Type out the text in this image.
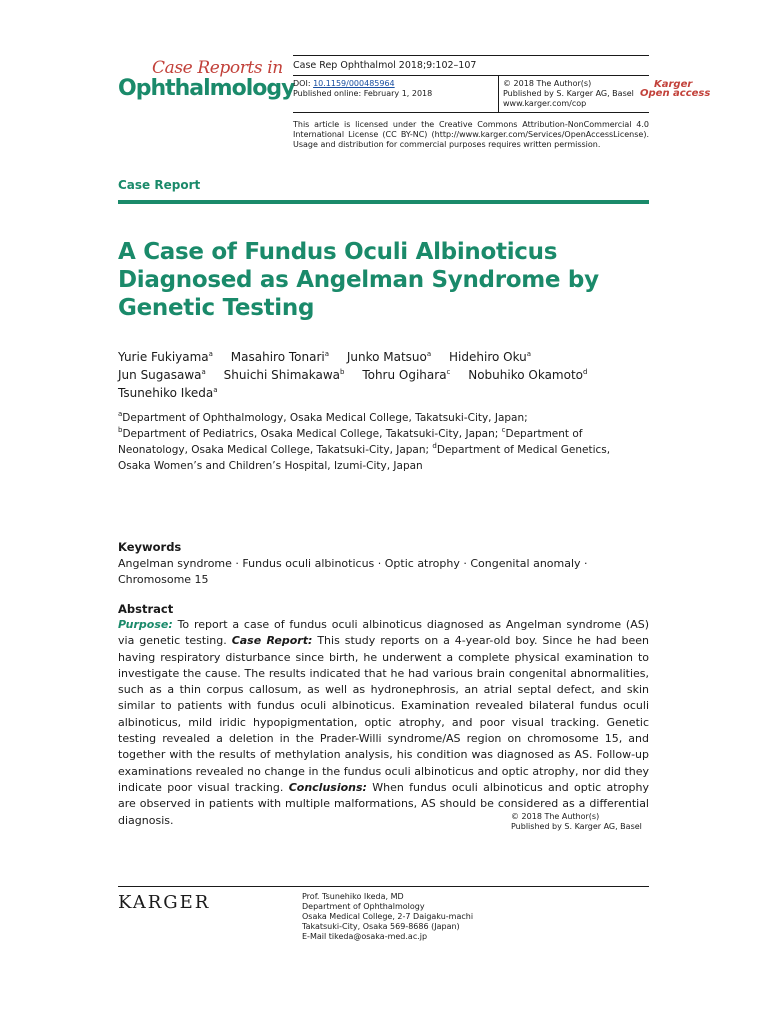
Case Reports in
Ophthalmology
Case Rep Ophthalmol 2018;9:102–107
DOI: 10.1159/000485964
Published online: February 1, 2018
© 2018 The Author(s)
Published by S. Karger AG, Basel
www.karger.com/cop
Karger
Open access
This article is licensed under the Creative Commons Attribution-NonCommercial 4.0 International License (CC BY-NC) (http://www.karger.com/Services/OpenAccessLicense). Usage and distribution for commercial purposes requires written permission.
Case Report
A Case of Fundus Oculi Albinoticus Diagnosed as Angelman Syndrome by Genetic Testing
Yurie Fukiyama$^a$ Masahiro Tonari$^a$ Junko Matsuo$^a$ Hidehiro Oku$^a$ Jun Sugasawa$^a$ Shuichi Shimakawa$^b$ Tohru Ogihara$^c$ Nobuhiko Okamoto$^d$ Tsunehiko Ikeda$^a$
$^a$Department of Ophthalmology, Osaka Medical College, Takatsuki-City, Japan;
$^b$Department of Pediatrics, Osaka Medical College, Takatsuki-City, Japan; $^c$Department of Neonatology, Osaka Medical College, Takatsuki-City, Japan; $^d$Department of Medical Genetics, Osaka Women’s and Children’s Hospital, Izumi-City, Japan
Keywords
Angelman syndrome · Fundus oculi albinoticus · Optic atrophy · Congenital anomaly · Chromosome 15
Abstract
Purpose: To report a case of fundus oculi albinoticus diagnosed as Angelman syndrome (AS) via genetic testing. Case Report: This study reports on a 4-year-old boy. Since he had been having respiratory disturbance since birth, he underwent a complete physical examination to investigate the cause. The results indicated that he had various brain congenital abnormalities, such as a thin corpus callosum, as well as hydronephrosis, an atrial septal defect, and skin similar to patients with fundus oculi albinoticus. Examination revealed bilateral fundus oculi albinoticus, mild iridic hypopigmentation, optic atrophy, and poor visual tracking. Genetic testing revealed a deletion in the Prader-Willi syndrome/AS region on chromosome 15, and together with the results of methylation analysis, his condition was diagnosed as AS. Follow-up examinations revealed no change in the fundus oculi albinoticus and optic atrophy, nor did they indicate poor visual tracking. Conclusions: When fundus oculi albinoticus and optic atrophy are observed in patients with multiple malformations, AS should be considered as a differential diagnosis.	© 2018 The Author(s)
Published by S. Karger AG, Basel
KARGER	Prof. Tsunehiko Ikeda, MD
Department of Ophthalmology
Osaka Medical College, 2-7 Daigaku-machi
Takatsuki-City, Osaka 569-8686 (Japan)
E-Mail tikeda@osaka-med.ac.jp
